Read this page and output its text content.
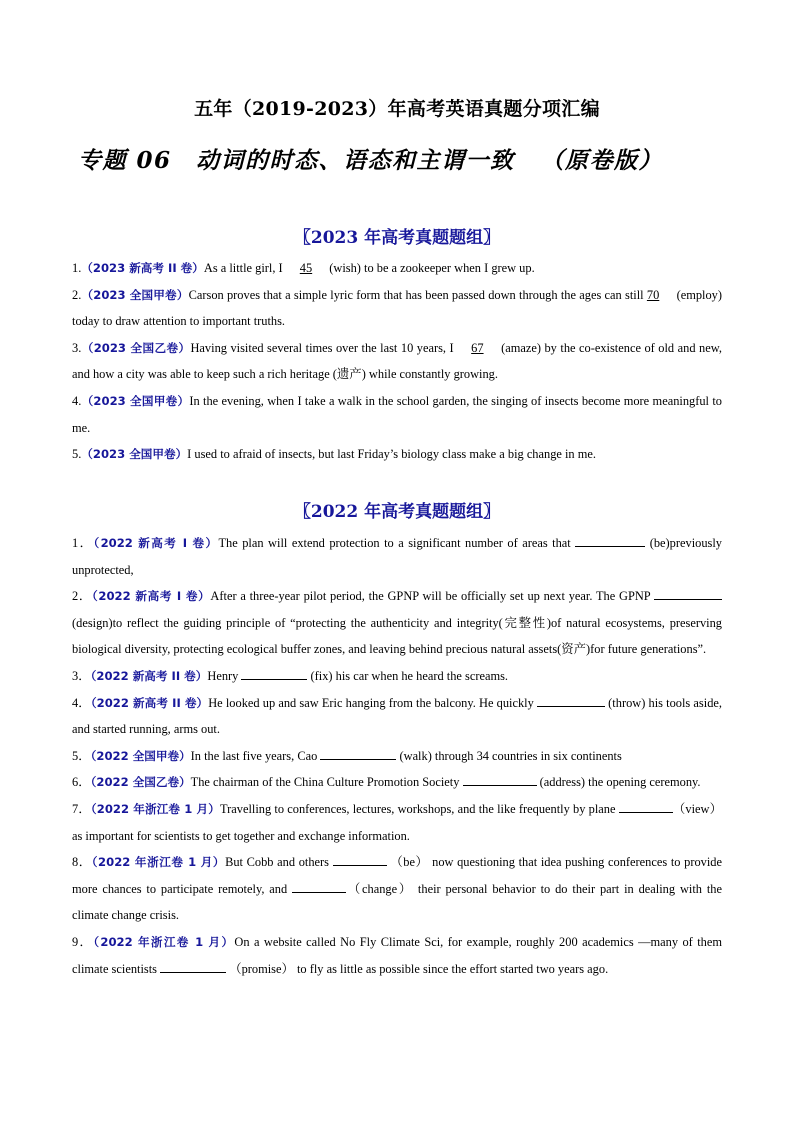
五年（2019-2023）年高考英语真题分项汇编
专题 06　动词的时态、语态和主谓一致 （原卷版）
〖2023 年高考真题题组〗

1.（2023 新高考 II 卷）As a little girl, I 45 (wish) to be a zookeeper when I grew up.

2.（2023 全国甲卷）Carson proves that a simple lyric form that has been passed down through the ages can still 70 (employ) today to draw attention to important truths.

3.（2023 全国乙卷）Having visited several times over the last 10 years, I 67 (amaze) by the co-existence of old and new, and how a city was able to keep such a rich heritage (遗产) while constantly growing.

4.（2023 全国甲卷）In the evening, when I take a walk in the school garden, the singing of insects become more meaningful to me.

5.（2023 全国甲卷）I used to afraid of insects, but last Friday’s biology class make a big change in me.

〖2022 年高考真题题组〗

1．（2022 新高考 I 卷）The plan will extend protection to a significant number of areas that	(be)previously unprotected,

2．（2022 新高考 I 卷）After a three-year pilot period, the GPNP will be officially set up next year. The GPNP  (design)to reflect the guiding principle of “protecting the authenticity and integrity(完整性)of natural ecosystems, preserving biological diversity, protecting ecological buffer zones, and leaving behind precious natural assets(资产)for future generations”.

3．（2022 新高考 II 卷）Henry	(fix) his car when he heard the screams.

4．（2022 新高考 II 卷）He looked up and saw Eric hanging from the balcony. He quickly	(throw) his tools aside, and started running, arms out.

5．（2022 全国甲卷）In the last five years, Cao	(walk) through 34 countries in six continents

6．（2022 全国乙卷）The chairman of the China Culture Promotion Society	(address) the opening ceremony.

7．（2022 年浙江卷 1 月）Travelling to conferences, lectures, workshops, and the like frequently by plane	（view） as important for scientists to get together and exchange information.

8．（2022 年浙江卷 1 月）But Cobb and others	（be） now questioning that idea pushing conferences to provide more chances to participate remotely, and	（change） their personal behavior to do their part in dealing with the climate change crisis.

9．（2022 年浙江卷 1 月）On a website called No Fly Climate Sci, for example, roughly 200 academics —many of them climate scientists	（promise） to fly as little as possible since the effort started two years ago.
